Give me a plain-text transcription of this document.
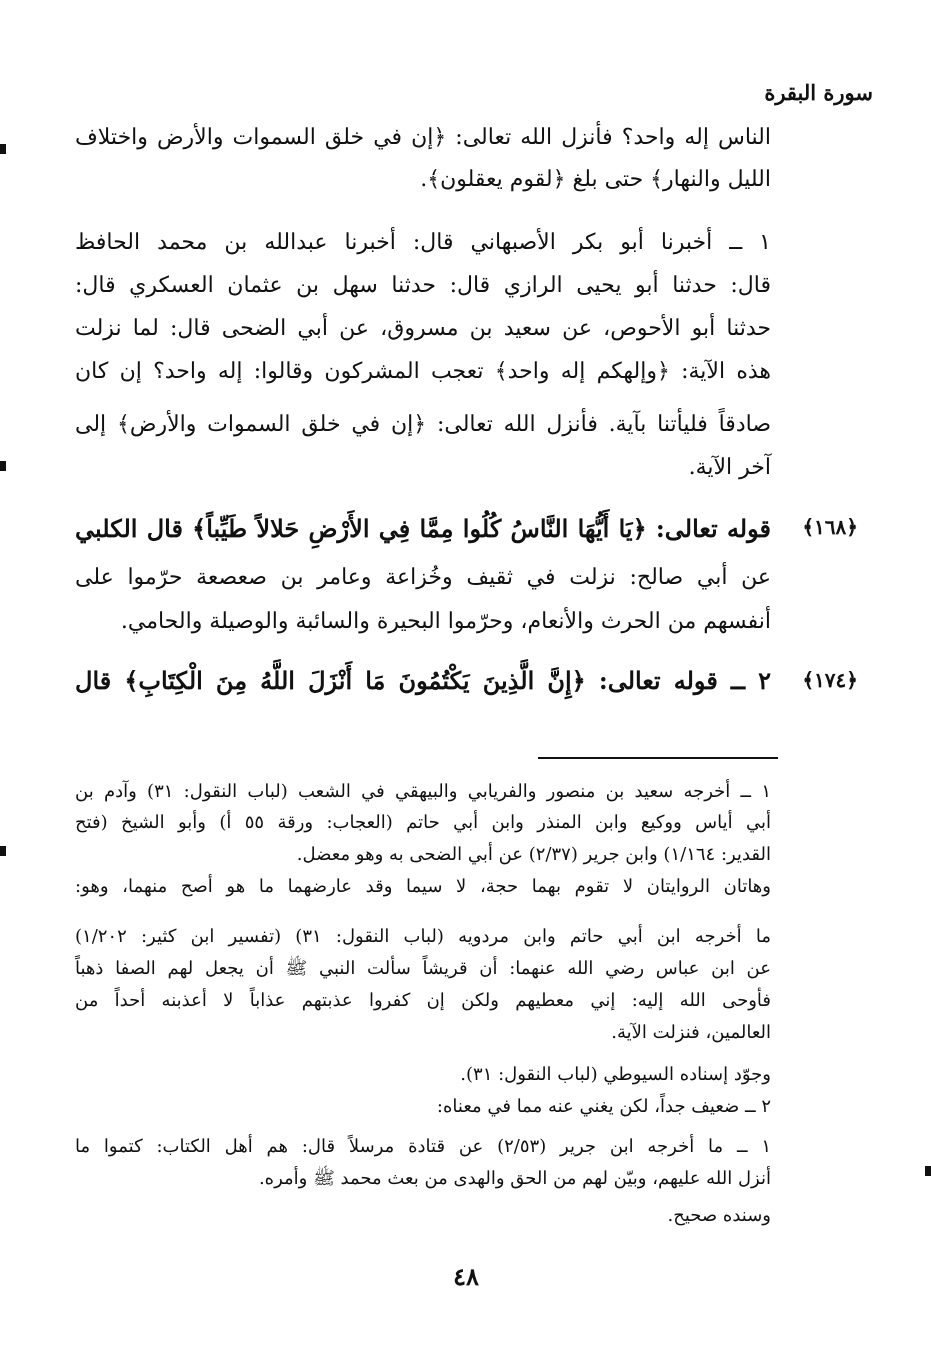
سورة البقرة
الناس إله واحد؟ فأنزل الله تعالى: ﴿إن في خلق السموات والأرض واختلاف
الليل والنهار﴾ حتى بلغ ﴿لقوم يعقلون﴾.
١ ــ أخبرنا أبو بكر الأصبهاني قال: أخبرنا عبدالله بن محمد الحافظ
قال: حدثنا أبو يحيى الرازي قال: حدثنا سهل بن عثمان العسكري قال:
حدثنا أبو الأحوص، عن سعيد بن مسروق، عن أبي الضحى قال: لما نزلت
هذه الآية: ﴿وإلهكم إله واحد﴾ تعجب المشركون وقالوا: إله واحد؟ إن كان
صادقاً فليأتنا بآية. فأنزل الله تعالى: ﴿إن في خلق السموات والأرض﴾ إلى
آخر الآية.
﴿١٦٨﴾
قوله تعالى: ﴿يَا أَيُّهَا النَّاسُ كُلُوا مِمَّا فِي الأَرْضِ حَلالاً طَيِّباً﴾ قال الكلبي
عن أبي صالح: نزلت في ثقيف وخُزاعة وعامر بن صعصعة حرّموا على
أنفسهم من الحرث والأنعام، وحرّموا البحيرة والسائبة والوصيلة والحامي.
﴿١٧٤﴾
٢ ــ قوله تعالى: ﴿إِنَّ الَّذِينَ يَكْتُمُونَ مَا أَنْزَلَ اللَّهُ مِنَ الْكِتَابِ﴾ قال
١ ــ أخرجه سعيد بن منصور والفريابي والبيهقي في الشعب (لباب النقول: ٣١) وآدم بن
أبي أياس ووكيع وابن المنذر وابن أبي حاتم (العجاب: ورقة ٥٥ أ) وأبو الشيخ (فتح
القدير: ١/١٦٤) وابن جرير (٢/٣٧) عن أبي الضحى به وهو معضل.
وهاتان الروايتان لا تقوم بهما حجة، لا سيما وقد عارضهما ما هو أصح منهما، وهو:
ما أخرجه ابن أبي حاتم وابن مردويه (لباب النقول: ٣١) (تفسير ابن كثير: ١/٢٠٢)
عن ابن عباس رضي الله عنهما: أن قريشاً سألت النبي ﷺ أن يجعل لهم الصفا ذهباً
فأوحى الله إليه: إني معطيهم ولكن إن كفروا عذبتهم عذاباً لا أعذبنه أحداً من
العالمين، فنزلت الآية.
وجوّد إسناده السيوطي (لباب النقول: ٣١).
٢ ــ ضعيف جداً، لكن يغني عنه مما في معناه:
١ ــ ما أخرجه ابن جرير (٢/٥٣) عن قتادة مرسلاً قال: هم أهل الكتاب: كتموا ما
أنزل الله عليهم، وبيّن لهم من الحق والهدى من بعث محمد ﷺ وأمره.
وسنده صحيح.
٤٨
